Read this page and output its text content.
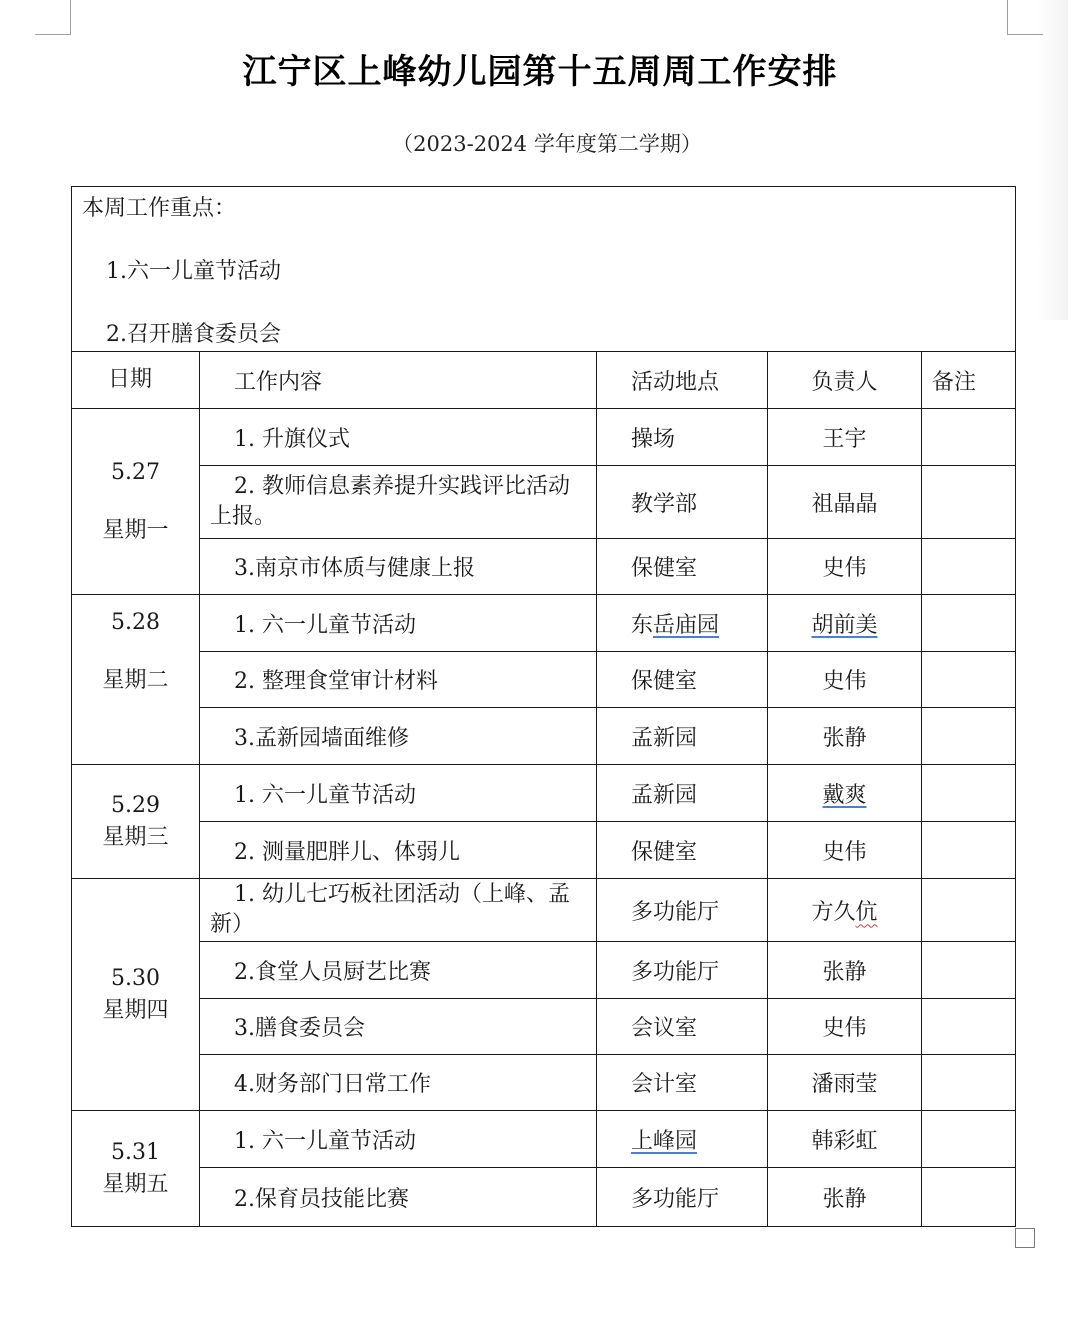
江宁区上峰幼儿园第十五周周工作安排
（2023-2024 学年度第二学期）
本周工作重点：
1.六一儿童节活动
2.召开膳食委员会				

日期	工作内容	活动地点	负责人	备注

5.27
星期一	1. 升旗仪式	操场	王宇	
	2. 教师信息素养提升实践评比活动上报。	教学部	祖晶晶	
	3.南京市体质与健康上报	保健室	史伟	

5.28
星期二	1. 六一儿童节活动	东岳庙园	胡前美	
	2. 整理食堂审计材料	保健室	史伟	
	3.孟新园墙面维修	孟新园	张静	

5.29
星期三	1. 六一儿童节活动	孟新园	戴爽	
	2. 测量肥胖儿、体弱儿	保健室	史伟	

5.30
星期四	1. 幼儿七巧板社团活动（上峰、孟新）	多功能厅	方久伉	
	2.食堂人员厨艺比赛	多功能厅	张静	
	3.膳食委员会	会议室	史伟	
	4.财务部门日常工作	会计室	潘雨莹	

5.31
星期五	1. 六一儿童节活动	上峰园	韩彩虹	
	2.保育员技能比赛	多功能厅	张静	
